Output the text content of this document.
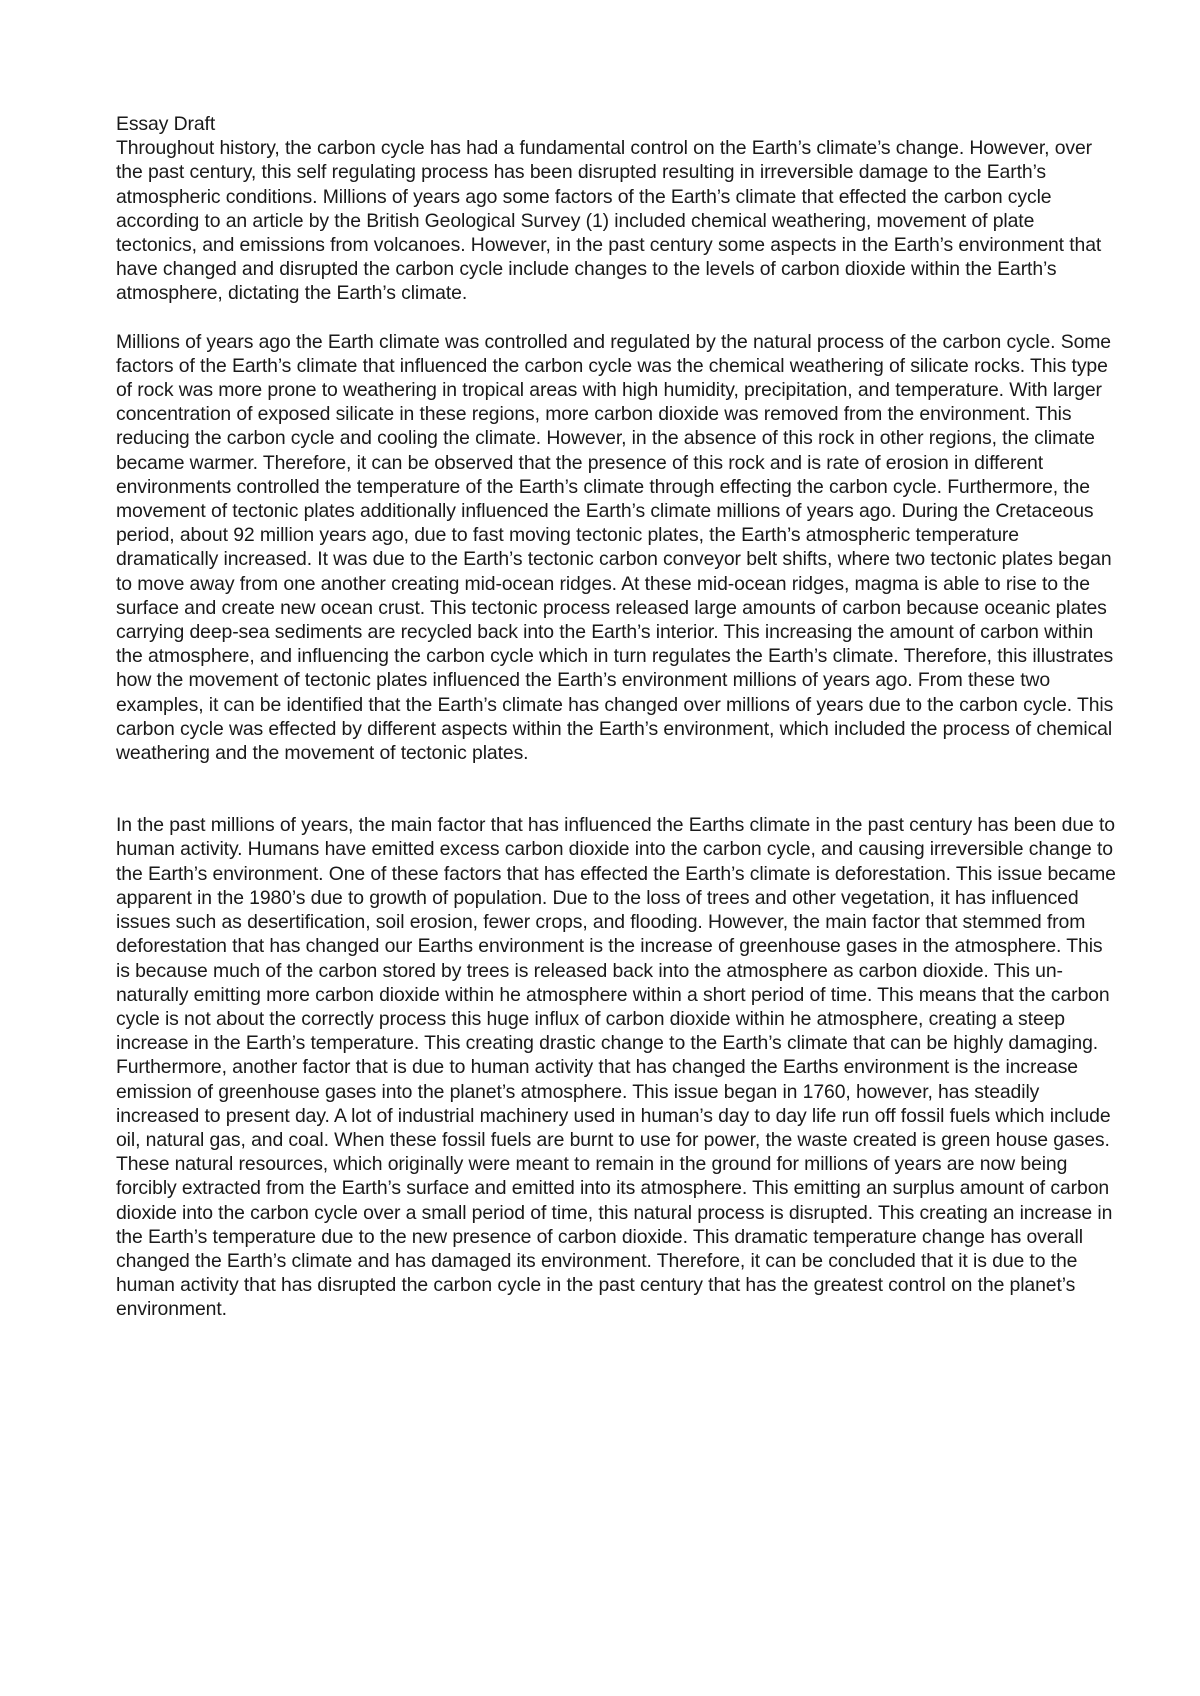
Essay Draft

Throughout history, the carbon cycle has had a fundamental control on the Earth’s climate’s change. However, over the past century, this self regulating process has been disrupted resulting in irreversible damage to the Earth’s atmospheric conditions. Millions of years ago some factors of the Earth’s climate that effected the carbon cycle according to an article by the British Geological Survey (1) included chemical weathering, movement of plate tectonics, and emissions from volcanoes. However, in the past century some aspects in the Earth’s environment that have changed and disrupted the carbon cycle include changes to the levels of carbon dioxide within the Earth’s atmosphere, dictating the Earth’s climate.

Millions of years ago the Earth climate was controlled and regulated by the natural process of the carbon cycle. Some factors of the Earth’s climate that influenced the carbon cycle was the chemical weathering of silicate rocks. This type of rock was more prone to weathering in tropical areas with high humidity, precipitation, and temperature. With larger concentration of exposed silicate in these regions, more carbon dioxide was removed from the environment. This reducing the carbon cycle and cooling the climate. However, in the absence of this rock in other regions, the climate became warmer. Therefore, it can be observed that the presence of this rock and is rate of erosion in different environments controlled the temperature of the Earth’s climate through effecting the carbon cycle. Furthermore, the movement of tectonic plates additionally influenced the Earth’s climate millions of years ago. During the Cretaceous period, about 92 million years ago, due to fast moving tectonic plates, the Earth’s atmospheric temperature dramatically increased. It was due to the Earth’s tectonic carbon conveyor belt shifts, where two tectonic plates began to move away from one another creating mid-ocean ridges. At these mid-ocean ridges, magma is able to rise to the surface and create new ocean crust. This tectonic process released large amounts of carbon because oceanic plates carrying deep-sea sediments are recycled back into the Earth’s interior. This increasing the amount of carbon within the atmosphere, and influencing the carbon cycle which in turn regulates the Earth’s climate. Therefore, this illustrates how the movement of tectonic plates influenced the Earth’s environment millions of years ago. From these two examples, it can be identified that the Earth’s climate has changed over millions of years due to the carbon cycle. This carbon cycle was effected by different aspects within the Earth’s environment, which included the process of chemical weathering and the movement of tectonic plates.

In the past millions of years, the main factor that has influenced the Earths climate in the past century has been due to human activity. Humans have emitted excess carbon dioxide into the carbon cycle, and causing irreversible change to the Earth’s environment. One of these factors that has effected the Earth’s climate is deforestation. This issue became apparent in the 1980’s due to growth of population. Due to the loss of trees and other vegetation, it has influenced issues such as desertification, soil erosion, fewer crops, and flooding. However, the main factor that stemmed from deforestation that has changed our Earths environment is the increase of greenhouse gases in the atmosphere. This is because much of the carbon stored by trees is released back into the atmosphere as carbon dioxide. This un-naturally emitting more carbon dioxide within he atmosphere within a short period of time. This means that the carbon cycle is not about the correctly process this huge influx of carbon dioxide within he atmosphere, creating a steep increase in the Earth’s temperature. This creating drastic change to the Earth’s climate that can be highly damaging. Furthermore, another factor that is due to human activity that has changed the Earths environment is the increase emission of greenhouse gases into the planet’s atmosphere. This issue began in 1760, however, has steadily increased to present day. A lot of industrial machinery used in human’s day to day life run off fossil fuels which include oil, natural gas, and coal. When these fossil fuels are burnt to use for power, the waste created is green house gases. These natural resources, which originally were meant to remain in the ground for millions of years are now being forcibly extracted from the Earth’s surface and emitted into its atmosphere. This emitting an surplus amount of carbon dioxide into the carbon cycle over a small period of time, this natural process is disrupted. This creating an increase in the Earth’s temperature due to the new presence of carbon dioxide. This dramatic temperature change has overall changed the Earth’s climate and has damaged its environment. Therefore, it can be concluded that it is due to the human activity that has disrupted the carbon cycle in the past century that has the greatest control on the planet’s environment.
